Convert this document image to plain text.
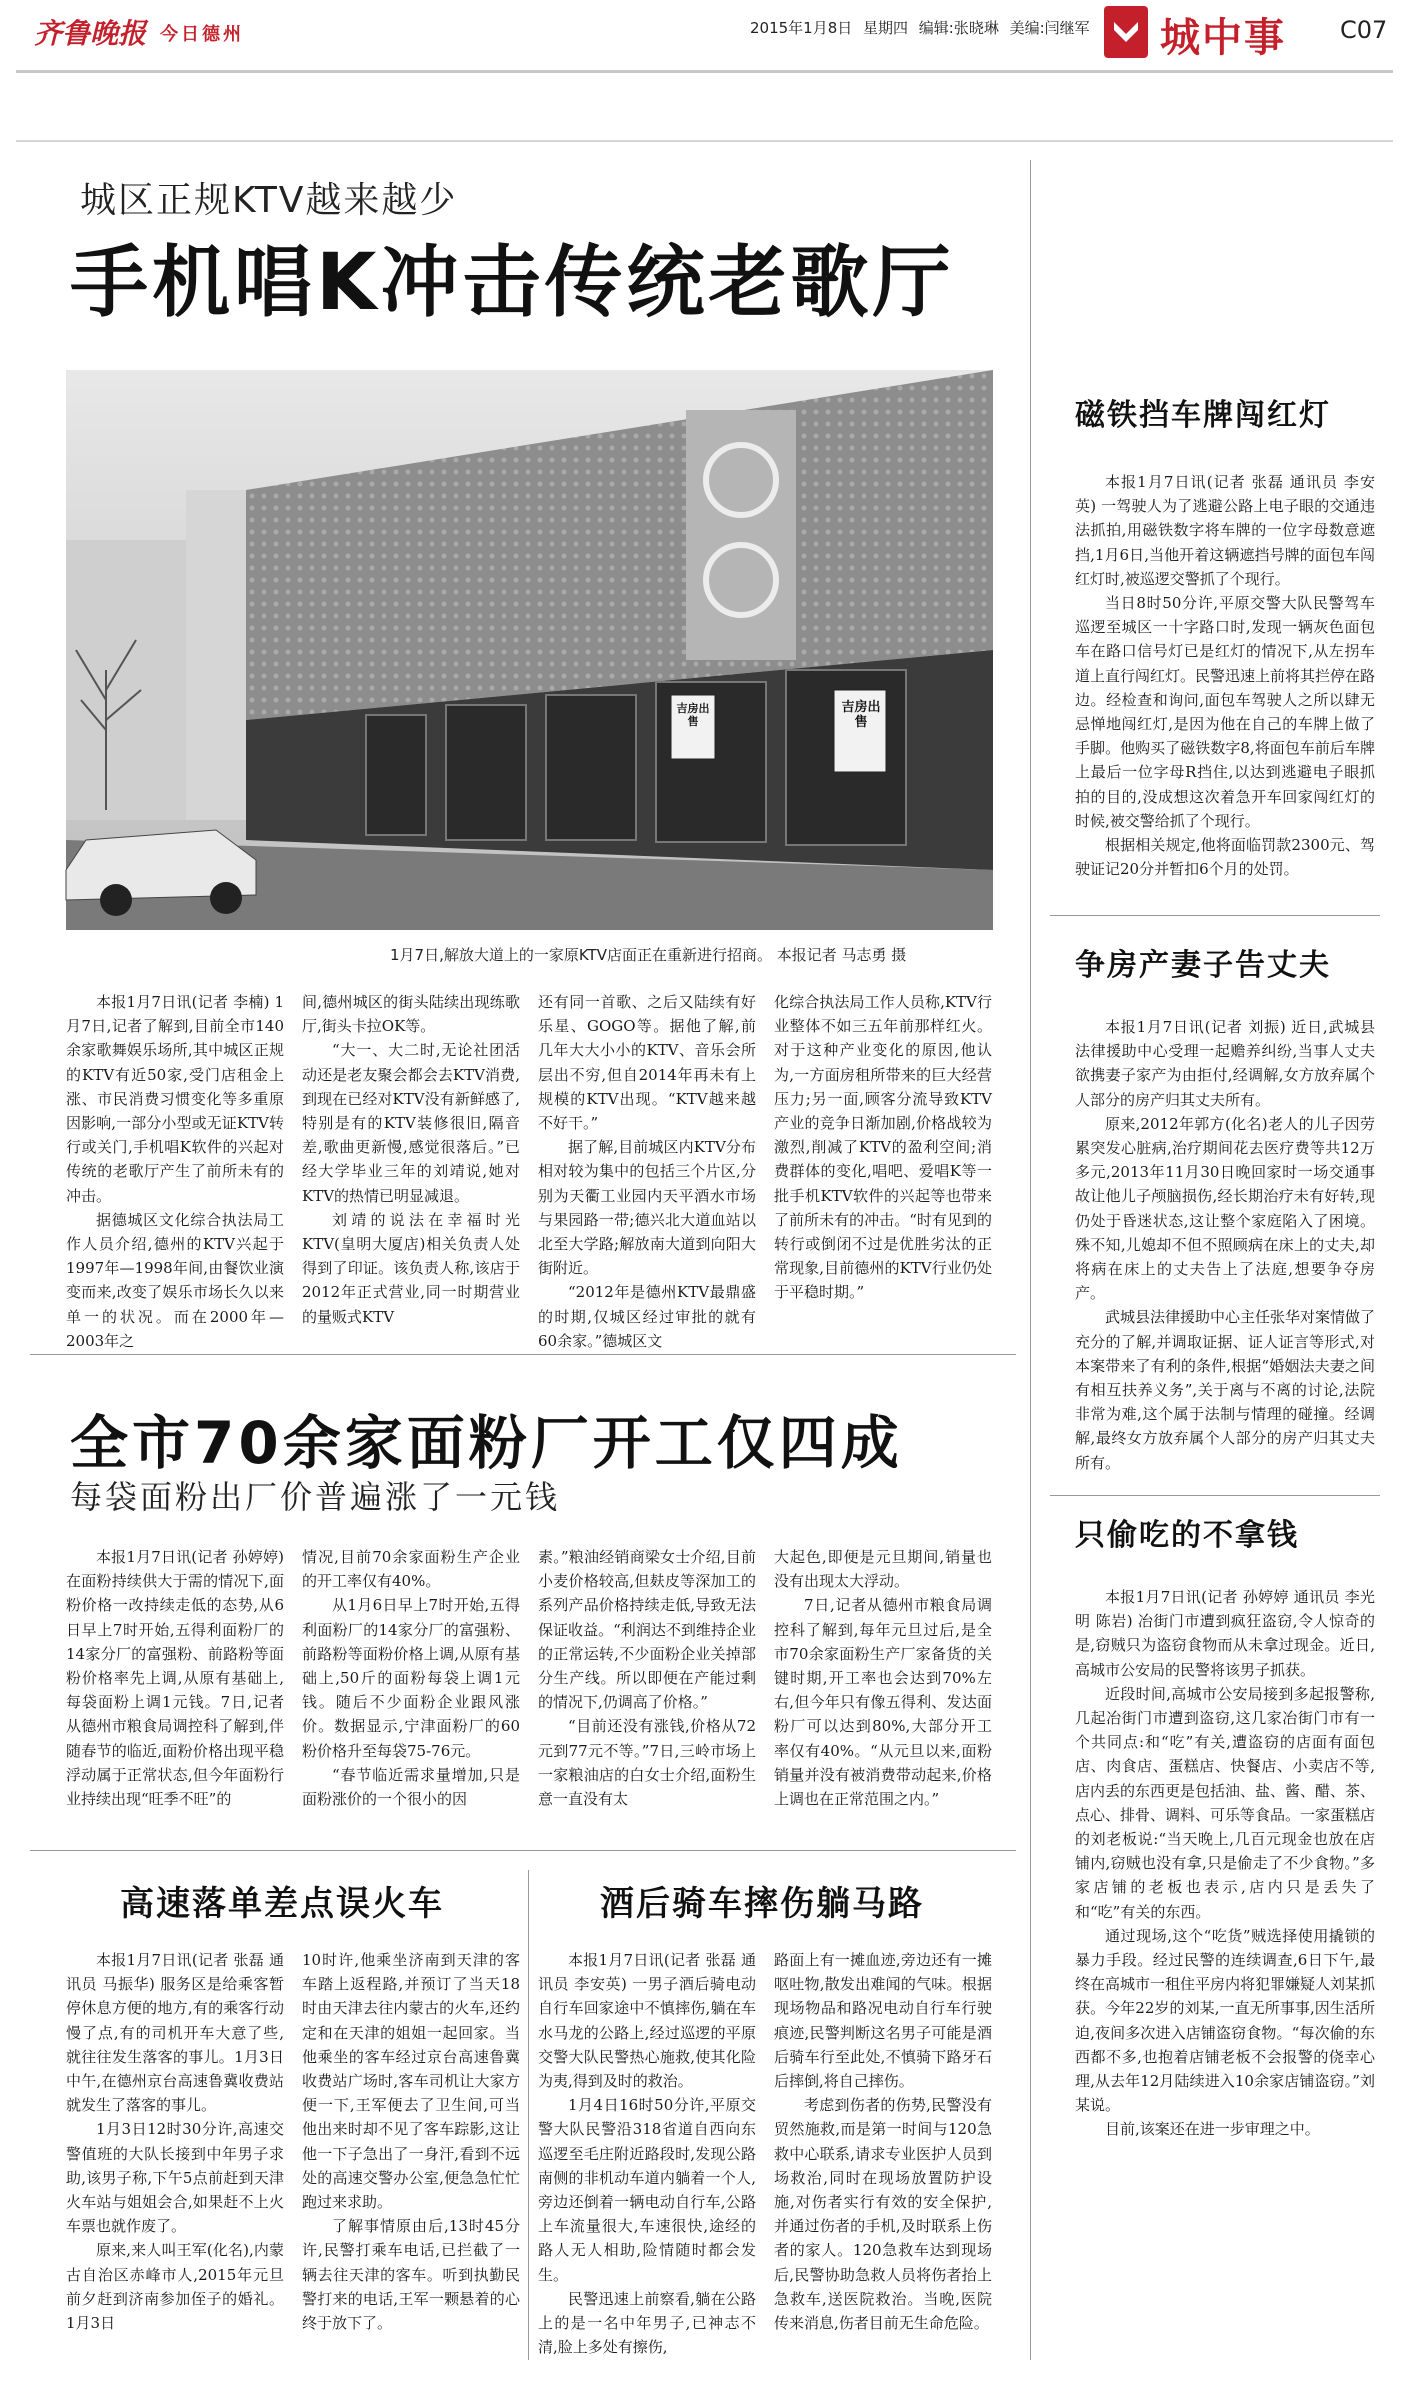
齐鲁晚报 今日德州	2015年1月8日 星期四 编辑:张晓琳 美编:闫继军 城中事 C07
城区正规KTV越来越少
手机唱K冲击传统老歌厅
吉房出售
吉房出售
1月7日,解放大道上的一家原KTV店面正在重新进行招商。 本报记者 马志勇 摄

本报1月7日讯(记者 李楠) 1月7日,记者了解到,目前全市140余家歌舞娱乐场所,其中城区正规的KTV有近50家,受门店租金上涨、市民消费习惯变化等多重原因影响,一部分小型或无证KTV转行或关门,手机唱K软件的兴起对传统的老歌厅产生了前所未有的冲击。

据德城区文化综合执法局工作人员介绍,德州的KTV兴起于1997年—1998年间,由餐饮业演变而来,改变了娱乐市场长久以来单一的状况。而在2000年—2003年之

间,德州城区的街头陆续出现练歌厅,街头卡拉OK等。

“大一、大二时,无论社团活动还是老友聚会都会去KTV消费,到现在已经对KTV没有新鲜感了,特别是有的KTV装修很旧,隔音差,歌曲更新慢,感觉很落后。”已经大学毕业三年的刘靖说,她对KTV的热情已明显减退。

刘靖的说法在幸福时光KTV(皇明大厦店)相关负责人处得到了印证。该负责人称,该店于2012年正式营业,同一时期营业的量贩式KTV

还有同一首歌、之后又陆续有好乐星、GOGO等。据他了解,前几年大大小小的KTV、音乐会所层出不穷,但自2014年再未有上规模的KTV出现。“KTV越来越不好干。”

据了解,目前城区内KTV分布相对较为集中的包括三个片区,分别为天衢工业园内天平酒水市场与果园路一带;德兴北大道血站以北至大学路;解放南大道到向阳大街附近。

“2012年是德州KTV最鼎盛的时期,仅城区经过审批的就有60余家。”德城区文

化综合执法局工作人员称,KTV行业整体不如三五年前那样红火。对于这种产业变化的原因,他认为,一方面房租所带来的巨大经营压力;另一面,顾客分流导致KTV产业的竞争日渐加剧,价格战较为激烈,削减了KTV的盈利空间;消费群体的变化,唱吧、爱唱K等一批手机KTV软件的兴起等也带来了前所未有的冲击。“时有见到的转行或倒闭不过是优胜劣汰的正常现象,目前德州的KTV行业仍处于平稳时期。”

全市70余家面粉厂开工仅四成
每袋面粉出厂价普遍涨了一元钱

本报1月7日讯(记者 孙婷婷) 在面粉持续供大于需的情况下,面粉价格一改持续走低的态势,从6日早上7时开始,五得利面粉厂的14家分厂的富强粉、前路粉等面粉价格率先上调,从原有基础上,每袋面粉上调1元钱。7日,记者从德州市粮食局调控科了解到,伴随春节的临近,面粉价格出现平稳浮动属于正常状态,但今年面粉行业持续出现“旺季不旺”的

情况,目前70余家面粉生产企业的开工率仅有40%。

从1月6日早上7时开始,五得利面粉厂的14家分厂的富强粉、前路粉等面粉价格上调,从原有基础上,50斤的面粉每袋上调1元钱。随后不少面粉企业跟风涨价。数据显示,宁津面粉厂的60粉价格升至每袋75-76元。

“春节临近需求量增加,只是面粉涨价的一个很小的因

素。”粮油经销商梁女士介绍,目前小麦价格较高,但麸皮等深加工的系列产品价格持续走低,导致无法保证收益。“利润达不到维持企业的正常运转,不少面粉企业关掉部分生产线。所以即便在产能过剩的情况下,仍调高了价格。”

“目前还没有涨钱,价格从72元到77元不等。”7日,三岭市场上一家粮油店的白女士介绍,面粉生意一直没有太

大起色,即便是元旦期间,销量也没有出现太大浮动。

7日,记者从德州市粮食局调控科了解到,每年元旦过后,是全市70余家面粉生产厂家备货的关键时期,开工率也会达到70%左右,但今年只有像五得利、发达面粉厂可以达到80%,大部分开工率仅有40%。“从元旦以来,面粉销量并没有被消费带动起来,价格上调也在正常范围之内。”

高速落单差点误火车

本报1月7日讯(记者 张磊 通讯员 马振华) 服务区是给乘客暂停休息方便的地方,有的乘客行动慢了点,有的司机开车大意了些,就往往发生落客的事儿。1月3日中午,在德州京台高速鲁冀收费站就发生了落客的事儿。

1月3日12时30分许,高速交警值班的大队长接到中年男子求助,该男子称,下午5点前赶到天津火车站与姐姐会合,如果赶不上火车票也就作废了。

原来,来人叫王军(化名),内蒙古自治区赤峰市人,2015年元旦前夕赶到济南参加侄子的婚礼。1月3日

10时许,他乘坐济南到天津的客车踏上返程路,并预订了当天18时由天津去往内蒙古的火车,还约定和在天津的姐姐一起回家。当他乘坐的客车经过京台高速鲁冀收费站广场时,客车司机让大家方便一下,王军便去了卫生间,可当他出来时却不见了客车踪影,这让他一下子急出了一身汗,看到不远处的高速交警办公室,便急急忙忙跑过来求助。

了解事情原由后,13时45分许,民警打乘车电话,已拦截了一辆去往天津的客车。听到执勤民警打来的电话,王军一颗悬着的心终于放下了。

酒后骑车摔伤躺马路

本报1月7日讯(记者 张磊 通讯员 李安英) 一男子酒后骑电动自行车回家途中不慎摔伤,躺在车水马龙的公路上,经过巡逻的平原交警大队民警热心施救,使其化险为夷,得到及时的救治。

1月4日16时50分许,平原交警大队民警沿318省道自西向东巡逻至毛庄附近路段时,发现公路南侧的非机动车道内躺着一个人,旁边还倒着一辆电动自行车,公路上车流量很大,车速很快,途经的路人无人相助,险情随时都会发生。

民警迅速上前察看,躺在公路上的是一名中年男子,已神志不清,脸上多处有擦伤,

路面上有一摊血迹,旁边还有一摊呕吐物,散发出难闻的气味。根据现场物品和路况电动自行车行驶痕迹,民警判断这名男子可能是酒后骑车行至此处,不慎骑下路牙石后摔倒,将自己摔伤。

考虑到伤者的伤势,民警没有贸然施救,而是第一时间与120急救中心联系,请求专业医护人员到场救治,同时在现场放置防护设施,对伤者实行有效的安全保护,并通过伤者的手机,及时联系上伤者的家人。120急救车达到现场后,民警协助急救人员将伤者抬上急救车,送医院救治。当晚,医院传来消息,伤者目前无生命危险。

磁铁挡车牌闯红灯

本报1月7日讯(记者 张磊 通讯员 李安英) 一驾驶人为了逃避公路上电子眼的交通违法抓拍,用磁铁数字将车牌的一位字母数意遮挡,1月6日,当他开着这辆遮挡号牌的面包车闯红灯时,被巡逻交警抓了个现行。

当日8时50分许,平原交警大队民警驾车巡逻至城区一十字路口时,发现一辆灰色面包车在路口信号灯已是红灯的情况下,从左拐车道上直行闯红灯。民警迅速上前将其拦停在路边。经检查和询问,面包车驾驶人之所以肆无忌惮地闯红灯,是因为他在自己的车牌上做了手脚。他购买了磁铁数字8,将面包车前后车牌上最后一位字母R挡住,以达到逃避电子眼抓拍的目的,没成想这次着急开车回家闯红灯的时候,被交警给抓了个现行。

根据相关规定,他将面临罚款2300元、驾驶证记20分并暂扣6个月的处罚。

争房产妻子告丈夫

本报1月7日讯(记者 刘振) 近日,武城县法律援助中心受理一起赡养纠纷,当事人丈夫欲携妻子家产为由拒付,经调解,女方放弃属个人部分的房产归其丈夫所有。

原来,2012年郭方(化名)老人的儿子因劳累突发心脏病,治疗期间花去医疗费等共12万多元,2013年11月30日晚回家时一场交通事故让他儿子颅脑损伤,经长期治疗未有好转,现仍处于昏迷状态,这让整个家庭陷入了困境。殊不知,儿媳却不但不照顾病在床上的丈夫,却将病在床上的丈夫告上了法庭,想要争夺房产。

武城县法律援助中心主任张华对案情做了充分的了解,并调取证据、证人证言等形式,对本案带来了有利的条件,根据“婚姻法夫妻之间有相互扶养义务”,关于离与不离的讨论,法院非常为难,这个属于法制与情理的碰撞。经调解,最终女方放弃属个人部分的房产归其丈夫所有。

只偷吃的不拿钱

本报1月7日讯(记者 孙婷婷 通讯员 李光明 陈岩) 冶街门市遭到疯狂盗窃,令人惊奇的是,窃贼只为盗窃食物而从未拿过现金。近日,高城市公安局的民警将该男子抓获。

近段时间,高城市公安局接到多起报警称,几起冶街门市遭到盗窃,这几家冶街门市有一个共同点:和“吃”有关,遭盗窃的店面有面包店、肉食店、蛋糕店、快餐店、小卖店不等,店内丢的东西更是包括油、盐、酱、醋、茶、点心、排骨、调料、可乐等食品。一家蛋糕店的刘老板说:“当天晚上,几百元现金也放在店铺内,窃贼也没有拿,只是偷走了不少食物。”多家店铺的老板也表示,店内只是丢失了和“吃”有关的东西。

通过现场,这个“吃货”贼选择使用撬锁的暴力手段。经过民警的连续调查,6日下午,最终在高城市一租住平房内将犯罪嫌疑人刘某抓获。今年22岁的刘某,一直无所事事,因生活所迫,夜间多次进入店铺盗窃食物。“每次偷的东西都不多,也抱着店铺老板不会报警的侥幸心理,从去年12月陆续进入10余家店铺盗窃。”刘某说。

目前,该案还在进一步审理之中。
